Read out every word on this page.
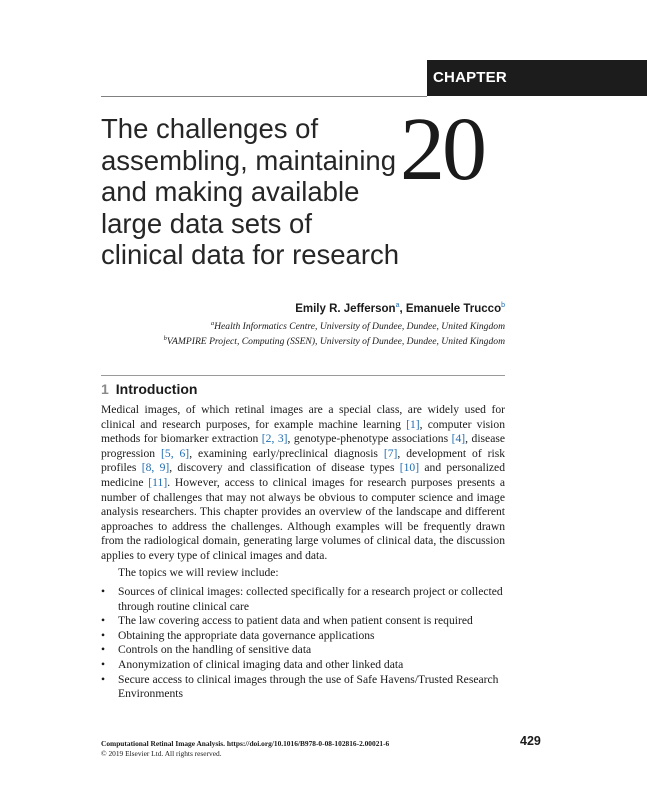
CHAPTER
The challenges of assembling, maintaining and making available large data sets of clinical data for research
20
Emily R. Jefferson$^a$, Emanuele Trucco$^b$
$^a$Health Informatics Centre, University of Dundee, Dundee, United Kingdom
$^b$VAMPIRE Project, Computing (SSEN), University of Dundee, Dundee, United Kingdom
1 Introduction

Medical images, of which retinal images are a special class, are widely used for clinical and research purposes, for example machine learning [1], computer vision methods for biomarker extraction [2, 3], genotype-phenotype associations [4], disease progression [5, 6], examining early/preclinical diagnosis [7], development of risk profiles [8, 9], discovery and classification of disease types [10] and personalized medicine [11]. However, access to clinical images for research purposes presents a number of challenges that may not always be obvious to computer science and image analysis researchers. This chapter provides an overview of the landscape and different approaches to address the challenges. Although examples will be frequently drawn from the radiological domain, generating large volumes of clinical data, the discussion applies to every type of clinical images and data.

The topics we will review include:

• Sources of clinical images: collected specifically for a research project or collected through routine clinical care
• The law covering access to patient data and when patient consent is required
• Obtaining the appropriate data governance applications
• Controls on the handling of sensitive data
• Anonymization of clinical imaging data and other linked data
• Secure access to clinical images through the use of Safe Havens/Trusted Research Environments
Computational Retinal Image Analysis. https://doi.org/10.1016/B978-0-08-102816-2.00021-6
© 2019 Elsevier Ltd. All rights reserved.
429
